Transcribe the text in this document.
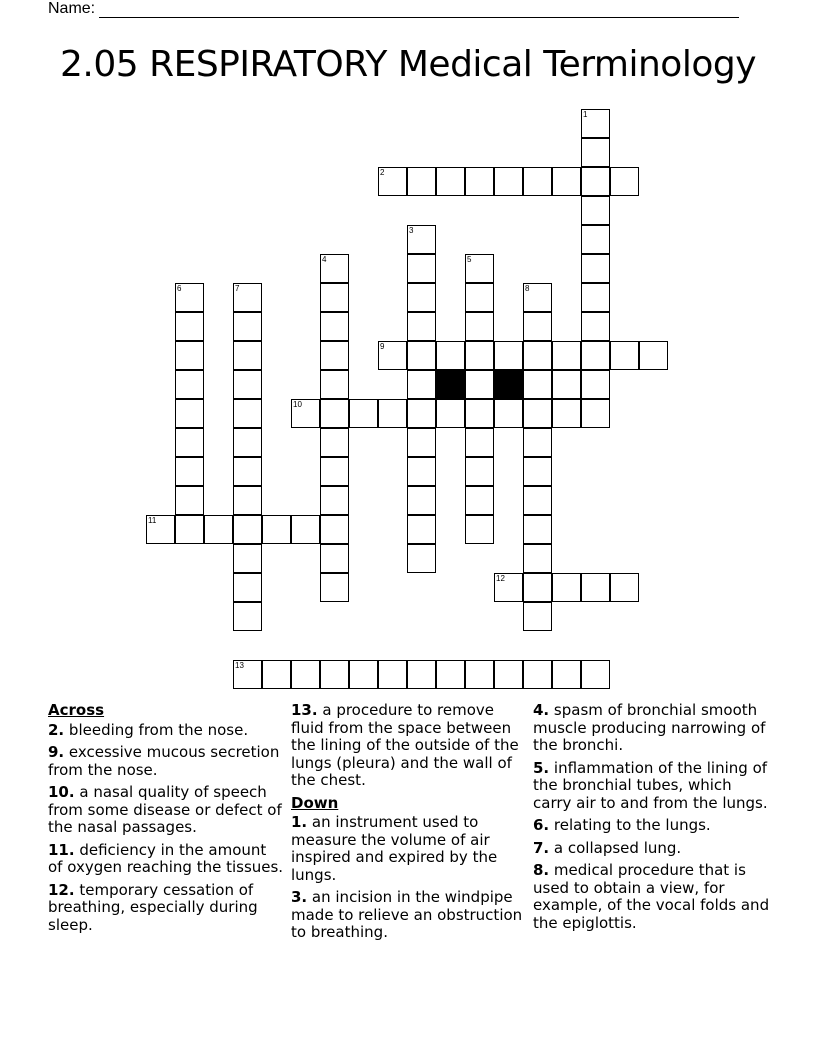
Name:
2.05 RESPIRATORY Medical Terminology
1
2
3
4	5
6	7	8
9
10
11
12
13
Across
2. bleeding from the nose.
9. excessive mucous secretion from the nose.
10. a nasal quality of speech from some disease or defect of the nasal passages.
11. deficiency in the amount of oxygen reaching the tissues.
12. temporary cessation of breathing, especially during sleep.
13. a procedure to remove fluid from the space between the lining of the outside of the lungs (pleura) and the wall of the chest.
Down
1. an instrument used to measure the volume of air inspired and expired by the lungs.
3. an incision in the windpipe made to relieve an obstruction to breathing.
4. spasm of bronchial smooth muscle producing narrowing of the bronchi.
5. inflammation of the lining of the bronchial tubes, which carry air to and from the lungs.
6. relating to the lungs.
7. a collapsed lung.
8. medical procedure that is used to obtain a view, for example, of the vocal folds and the epiglottis.
